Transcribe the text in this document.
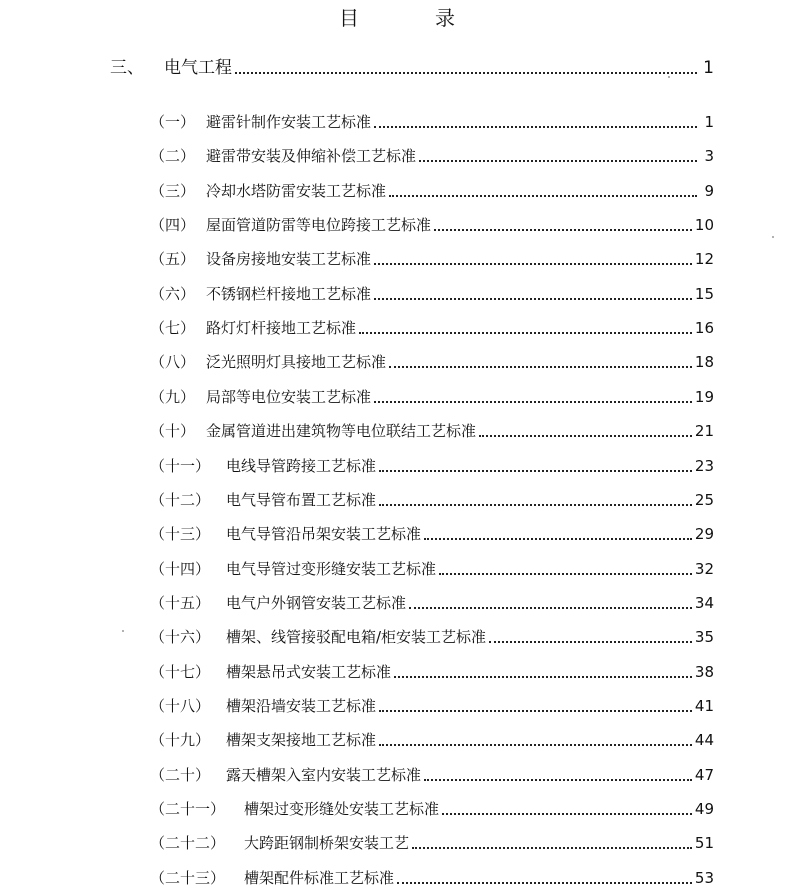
目　录
三、	电气工程	1
（一） 避雷针制作安装工艺标准	1
（二） 避雷带安装及伸缩补偿工艺标准	3
（三） 冷却水塔防雷安装工艺标准	9
（四） 屋面管道防雷等电位跨接工艺标准	10
（五） 设备房接地安装工艺标准	12
（六） 不锈钢栏杆接地工艺标准	15
（七） 路灯灯杆接地工艺标准	16
（八） 泛光照明灯具接地工艺标准	18
（九） 局部等电位安装工艺标准	19
（十） 金属管道进出建筑物等电位联结工艺标准	21
（十一）	电线导管跨接工艺标准	23
（十二）	电气导管布置工艺标准	25
（十三）	电气导管沿吊架安装工艺标准	29
（十四）	电气导管过变形缝安装工艺标准	32
（十五）	电气户外钢管安装工艺标准	34
（十六）	槽架、线管接驳配电箱/柜安装工艺标准	35
（十七）	槽架悬吊式安装工艺标准	38
（十八）	槽架沿墙安装工艺标准	41
（十九）	槽架支架接地工艺标准	44
（二十）	露天槽架入室内安装工艺标准	47
（二十一）	槽架过变形缝处安装工艺标准	49
（二十二）	大跨距钢制桥架安装工艺	51
（二十三）	槽架配件标准工艺标准	53
